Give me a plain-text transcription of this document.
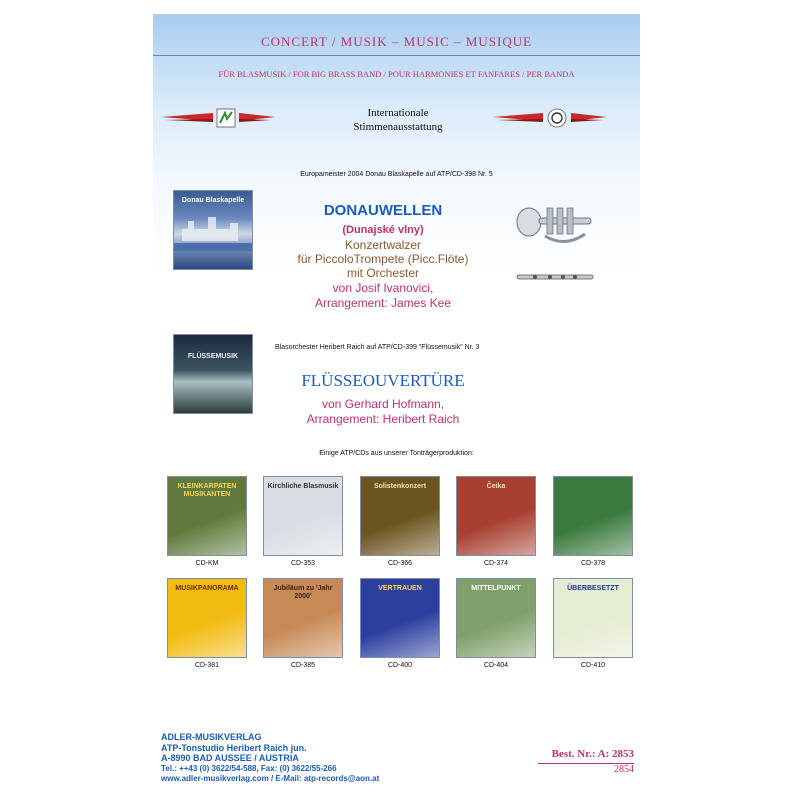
CONCERT / MUSIK – MUSIC – MUSIQUE
FÜR BLASMUSIK / FOR BIG BRASS BAND / POUR HARMONIES ET FANFARES / PER BANDA
Internationale
Stimmenausstattung
Europameister 2004 Donau Blaskapelle auf ATP/CD-398 Nr. 5
Donau Blaskapelle
DONAUWELLEN
(Dunajské vlny)
Konzertwalzer
für PiccoloTrompete (Picc.Flöte)
mit Orchester
von Josif Ivanovici,
Arrangement: James Kee
FLÜSSEMUSIK
Blasorchester Heribert Raich auf ATP/CD-399 "Flüssemusik" Nr. 3
FLÜSSEOUVERTÜRE
von Gerhard Hofmann,
Arrangement: Heribert Raich
Einige ATP/CDs aus unserer Tonträgerproduktion:
KLEINKARPATEN MUSIKANTEN
CD-KM
Kirchliche Blasmusik
CD-353
Solistenkonzert
CD-366
Čeika
CD-374	CD-378
MUSIKPANORAMA
CD-381
Jubiläum zu 'Jahr 2000'
CD-385
VERTRAUEN
CD-400
MITTELPUNKT
CD-404
ÜBERBESETZT
CD-410
ADLER-MUSIKVERLAG
ATP-Tonstudio Heribert Raich jun.
A-8990 BAD AUSSEE / AUSTRIA
Tel.: ++43 (0) 3622/54-588, Fax: (0) 3622/55-266
www.adler-musikverlag.com / E-Mail: atp-records@aon.at
Best. Nr.: A: 2853
2854
